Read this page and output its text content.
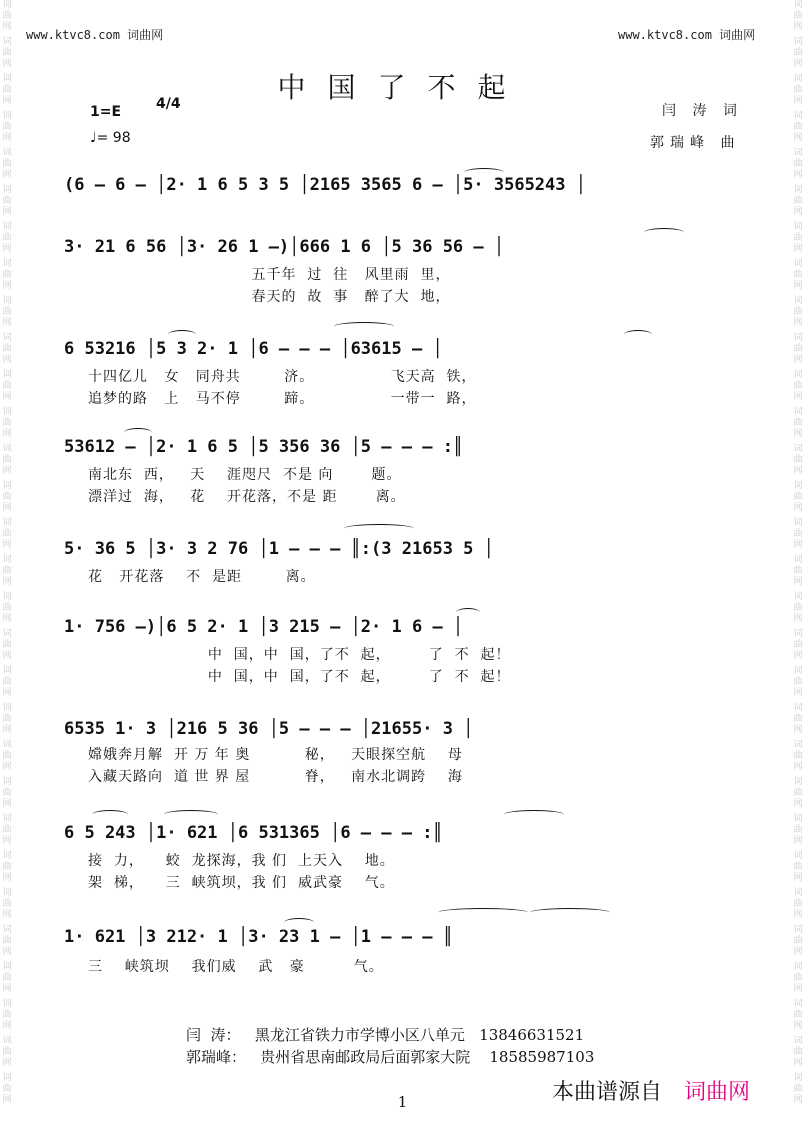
词曲网
词曲网
词曲网
词曲网
词曲网
词曲网
词曲网
词曲网
词曲网
词曲网
词曲网
词曲网
词曲网
词曲网
词曲网
词曲网
词曲网
词曲网
词曲网
词曲网
词曲网
词曲网
词曲网
词曲网
词曲网
词曲网
词曲网
词曲网
词曲网
词曲网
词曲网
词曲网
词曲网
词曲网
词曲网
词曲网
词曲网
词曲网
词曲网
词曲网
词曲网
词曲网
词曲网
词曲网
词曲网
词曲网
词曲网
词曲网
词曲网
词曲网
词曲网
词曲网
词曲网
词曲网
词曲网
词曲网
词曲网
词曲网
词曲网
词曲网
www.ktvc8.com 词曲网	www.ktvc8.com 词曲网
中国了不起
1=E 4/4
♩= 98
闫 涛 词
郭瑞峰 曲
(6 — 6 — │2· 1 6 5 3 5 │2165 3565 6 — │5· 3565243 │
3· 21 6 56 │3· 26 1 —)│666 1 6 │5 36 56 — │
五千年  过  往   风里雨  里，
春天的  故  事   醉了大  地，
6 53216 │5 3 2· 1 │6 — — — │63615 — │
十四亿儿   女   同舟共        济。              飞天高  铁，
追梦的路   上   马不停        蹄。              一带一  路，
53612 — │2· 1 6 5 │5 356 36 │5 — — — :║
南北东  西，   天    涯咫尺  不是 向       题。
漂洋过  海，   花    开花落，不是 距       离。
5· 36 5 │3· 3 2 76 │1 — — — ║:(3 21653 5 │
花   开花落    不  是距        离。
1· 756 —)│6 5 2· 1 │3 215 — │2· 1 6 — │
中  国，中  国，了不  起，       了  不  起！
中  国，中  国，了不  起，       了  不  起！
6535 1· 3 │216 5 36 │5 — — — │21655· 3 │
嫦娥奔月解  开 万 年 奥          秘，   天眼探空航    母
入藏天路向  道 世 界 屋          脊，   南水北调跨    海
6 5 243 │1· 621 │6 531365 │6 — — — :║
接  力，    蛟  龙探海，我 们  上天入    地。
架  梯，    三  峡筑坝，我 们  威武豪    气。
1· 621 │3 212· 1 │3· 23 1 — │1 — — — ║
三    峡筑坝    我们威    武   豪         气。
闫  涛：   黑龙江省铁力市学博小区八单元   13846631521
郭瑞峰：   贵州省思南邮政局后面郭家大院    18585987103
1	本曲谱源自 词曲网
